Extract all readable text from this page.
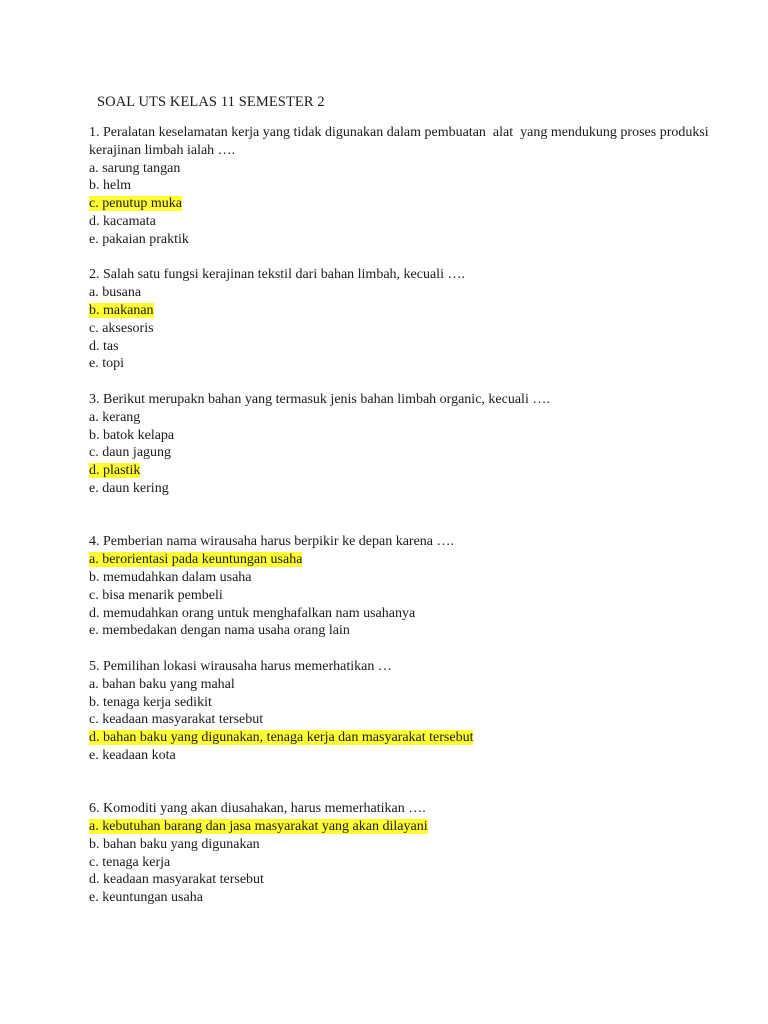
SOAL UTS KELAS 11 SEMESTER 2
1. Peralatan keselamatan kerja yang tidak digunakan dalam pembuatan  alat  yang mendukung proses produksi kerajinan limbah ialah ….
a. sarung tangan
b. helm
c. penutup muka
d. kacamata
e. pakaian praktik
2. Salah satu fungsi kerajinan tekstil dari bahan limbah, kecuali ….
a. busana
b. makanan
c. aksesoris
d. tas
e. topi
3. Berikut merupakn bahan yang termasuk jenis bahan limbah organic, kecuali ….
a. kerang
b. batok kelapa
c. daun jagung
d. plastik
e. daun kering
4. Pemberian nama wirausaha harus berpikir ke depan karena ….
a. berorientasi pada keuntungan usaha
b. memudahkan dalam usaha
c. bisa menarik pembeli
d. memudahkan orang untuk menghafalkan nam usahanya
e. membedakan dengan nama usaha orang lain
5. Pemilihan lokasi wirausaha harus memerhatikan …
a. bahan baku yang mahal
b. tenaga kerja sedikit
c. keadaan masyarakat tersebut
d. bahan baku yang digunakan, tenaga kerja dan masyarakat tersebut
e. keadaan kota
6. Komoditi yang akan diusahakan, harus memerhatikan ….
a. kebutuhan barang dan jasa masyarakat yang akan dilayani
b. bahan baku yang digunakan
c. tenaga kerja
d. keadaan masyarakat tersebut
e. keuntungan usaha
